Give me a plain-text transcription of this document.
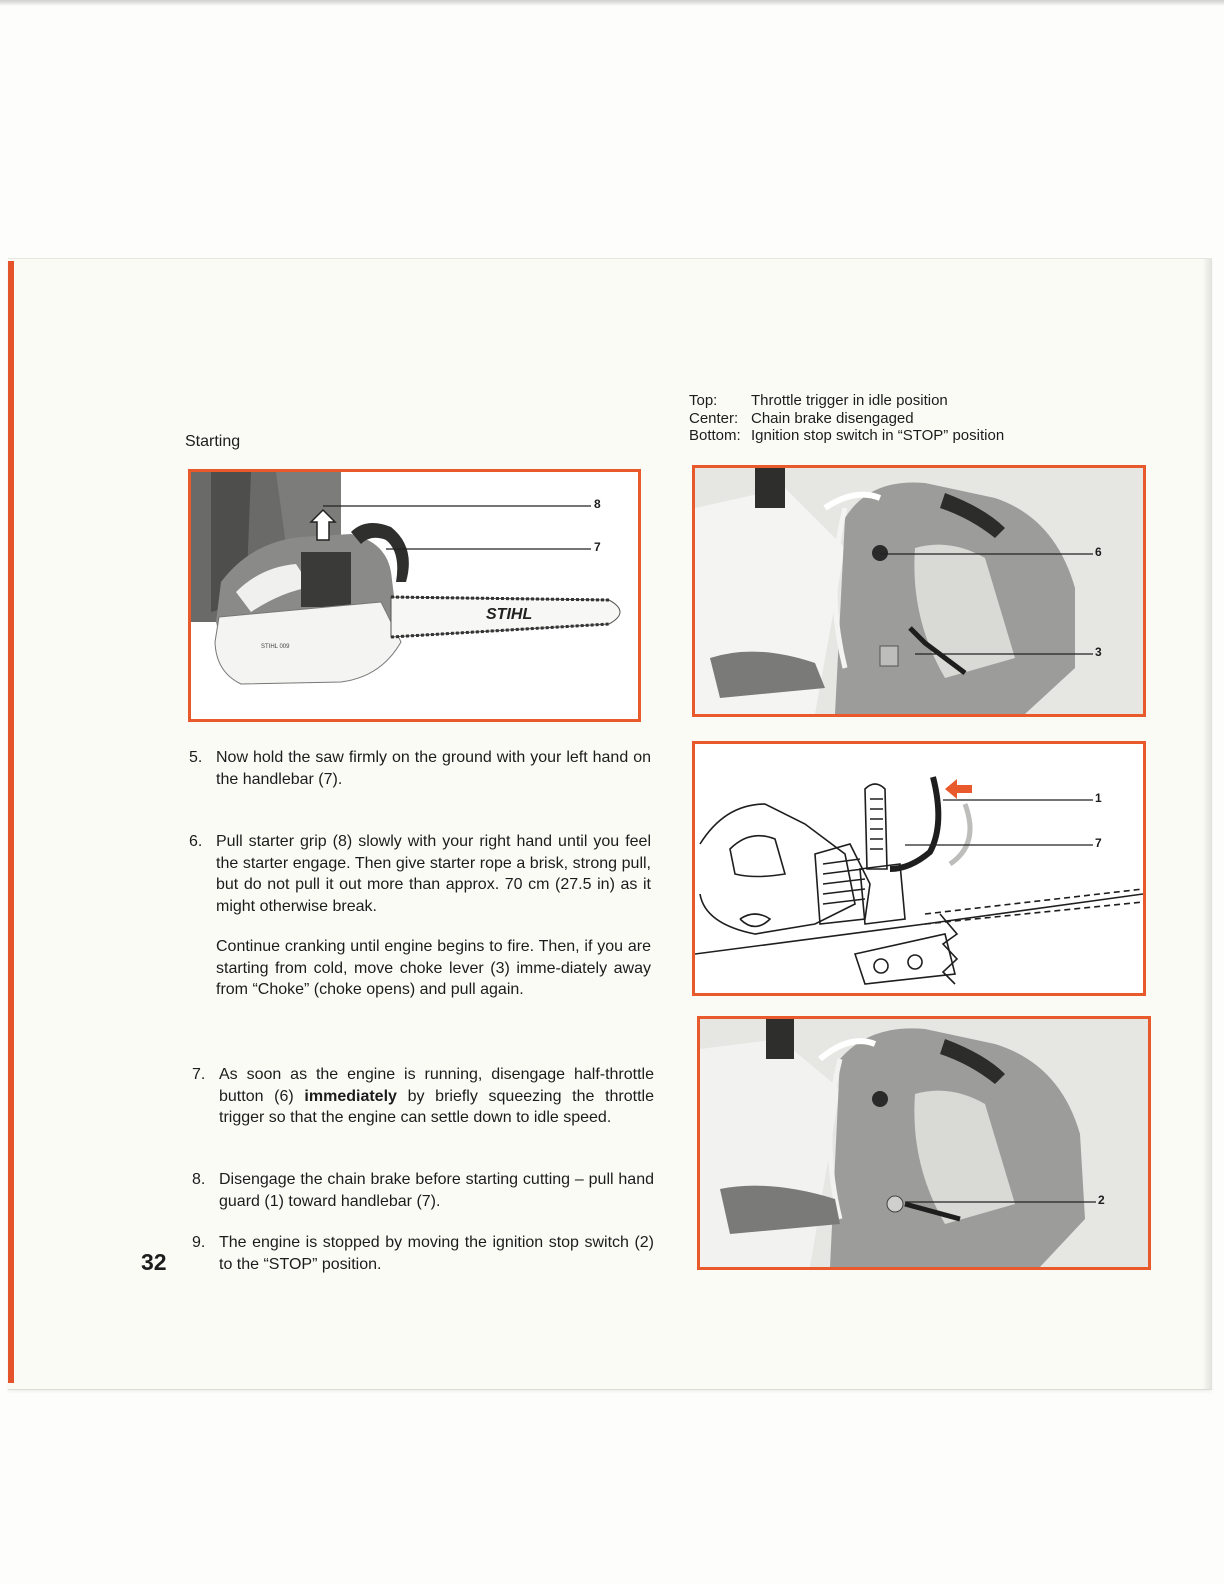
Starting
Top:	Throttle trigger in idle position
Center: Chain brake disengaged
Bottom: Ignition stop switch in “STOP” position
STIHL
STIHL 009
8
7	6
3
1
7
2
5. Now hold the saw firmly on the ground with your left hand on the handlebar (7).
6. Pull starter grip (8) slowly with your right hand until you feel the starter engage. Then give starter rope a brisk, strong pull, but do not pull it out more than approx. 70 cm (27.5 in) as it might otherwise break.
Continue cranking until engine begins to fire. Then, if you are starting from cold, move choke lever (3) imme-diately away from “Choke” (choke opens) and pull again.
7. As soon as the engine is running, disengage half-throttle button (6) immediately by briefly squeezing the throttle trigger so that the engine can settle down to idle speed.
8. Disengage the chain brake before starting cutting – pull hand guard (1) toward handlebar (7).
9. The engine is stopped by moving the ignition stop switch (2) to the “STOP” position.
32
